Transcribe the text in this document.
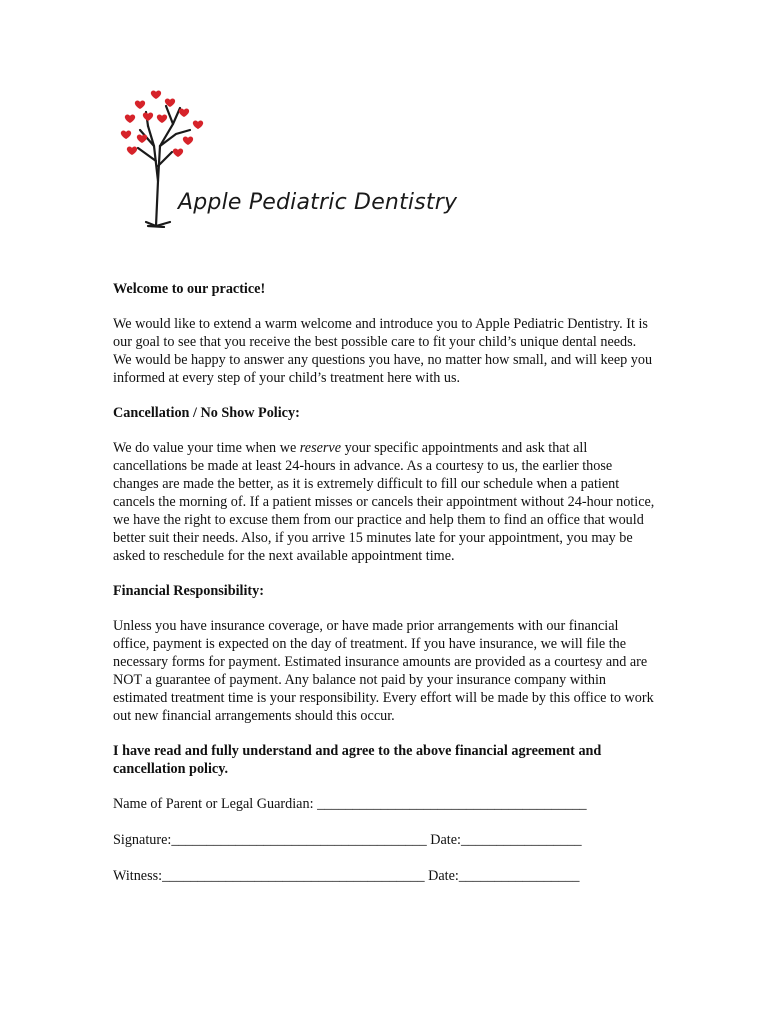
Apple Pediatric Dentistry

Welcome to our practice!

We would like to extend a warm welcome and introduce you to Apple Pediatric Dentistry. It is our goal to see that you receive the best possible care to fit your child’s unique dental needs. We would be happy to answer any questions you have, no matter how small, and will keep you informed at every step of your child’s treatment here with us.

Cancellation / No Show Policy:

We do value your time when we reserve your specific appointments and ask that all cancellations be made at least 24-hours in advance. As a courtesy to us, the earlier those changes are made the better, as it is extremely difficult to fill our schedule when a patient cancels the morning of. If a patient misses or cancels their appointment without 24-hour notice, we have the right to excuse them from our practice and help them to find an office that would better suit their needs. Also, if you arrive 15 minutes late for your appointment, you may be asked to reschedule for the next available appointment time.

Financial Responsibility:

Unless you have insurance coverage, or have made prior arrangements with our financial office, payment is expected on the day of treatment. If you have insurance, we will file the necessary forms for payment. Estimated insurance amounts are provided as a courtesy and are NOT a guarantee of payment. Any balance not paid by your insurance company within estimated treatment time is your responsibility. Every effort will be made by this office to work out new financial arrangements should this occur.

I have read and fully understand and agree to the above financial agreement and cancellation policy.

Name of Parent or Legal Guardian: ______________________________________

Signature:____________________________________ Date:_________________

Witness:_____________________________________ Date:_________________
